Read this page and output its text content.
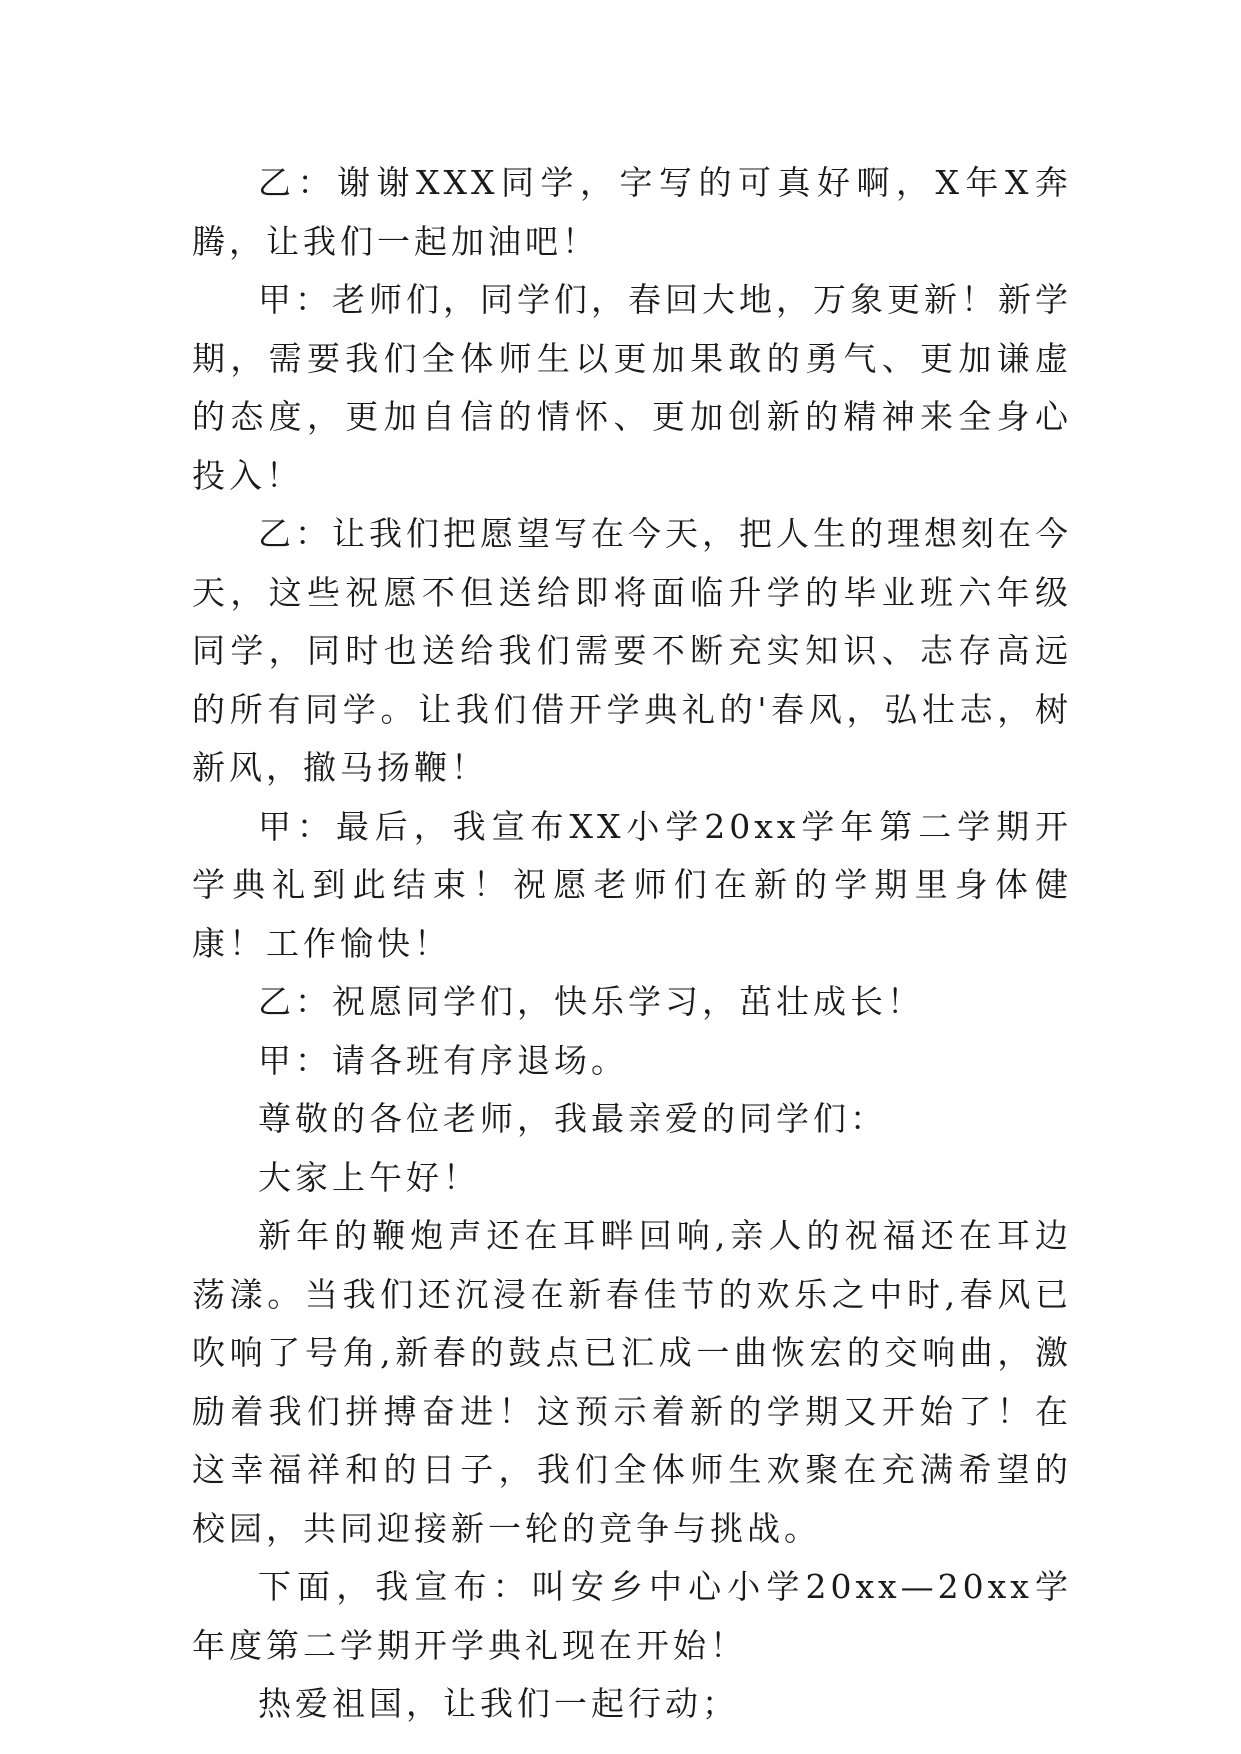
乙：谢谢XXX同学，字写的可真好啊，X年X奔腾，让我们一起加油吧！

甲：老师们，同学们，春回大地，万象更新！新学期，需要我们全体师生以更加果敢的勇气、更加谦虚的态度，更加自信的情怀、更加创新的精神来全身心投入！

乙：让我们把愿望写在今天，把人生的理想刻在今天，这些祝愿不但送给即将面临升学的毕业班六年级同学，同时也送给我们需要不断充实知识、志存高远的所有同学。让我们借开学典礼的'春风，弘壮志，树新风，撤马扬鞭！

甲：最后，我宣布XX小学20xx学年第二学期开学典礼到此结束！祝愿老师们在新的学期里身体健康！工作愉快！

乙：祝愿同学们，快乐学习，茁壮成长！

甲：请各班有序退场。

尊敬的各位老师，我最亲爱的同学们：

大家上午好！

新年的鞭炮声还在耳畔回响,亲人的祝福还在耳边荡漾。当我们还沉浸在新春佳节的欢乐之中时,春风已吹响了号角,新春的鼓点已汇成一曲恢宏的交响曲，激励着我们拼搏奋进！这预示着新的学期又开始了！在这幸福祥和的日子，我们全体师生欢聚在充满希望的校园，共同迎接新一轮的竞争与挑战。

下面，我宣布：叫安乡中心小学20xx—20xx学年度第二学期开学典礼现在开始！

热爱祖国，让我们一起行动；
